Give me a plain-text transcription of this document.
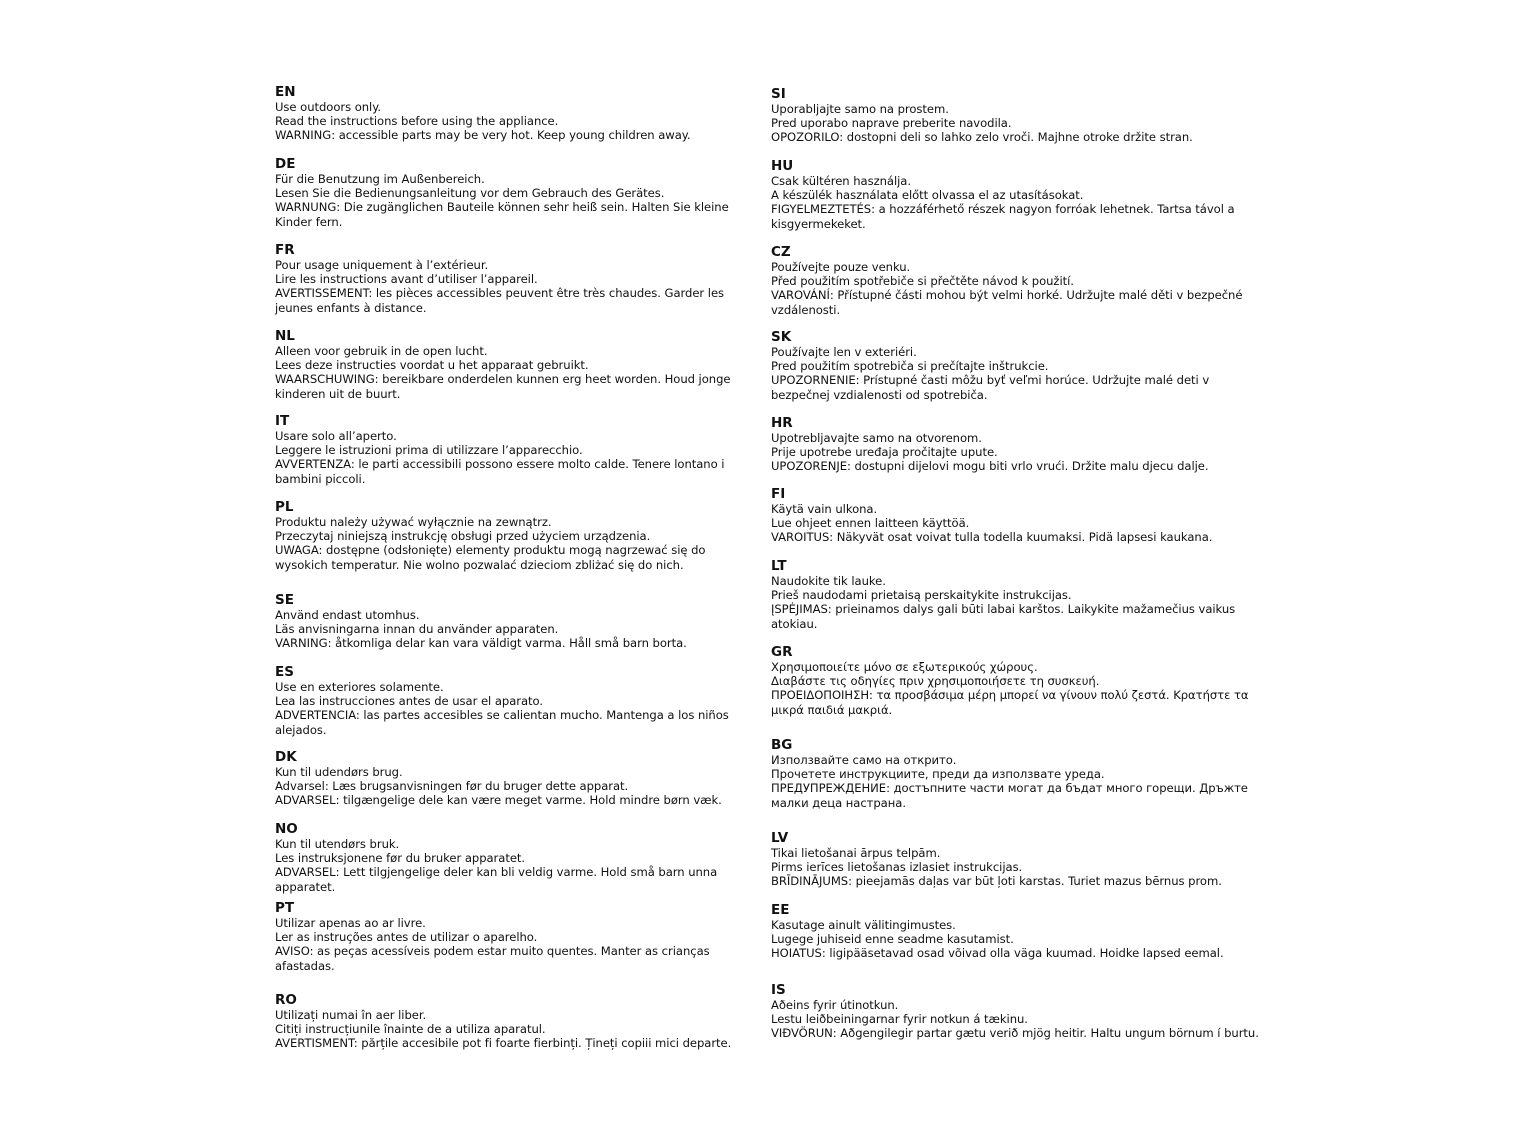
EN
Use outdoors only.
Read the instructions before using the appliance.
WARNING: accessible parts may be very hot. Keep young children away.
DE
Für die Benutzung im Außenbereich.
Lesen Sie die Bedienungsanleitung vor dem Gebrauch des Gerätes.
WARNUNG: Die zugänglichen Bauteile können sehr heiß sein. Halten Sie kleine Kinder fern.
FR
Pour usage uniquement à l’extérieur.
Lire les instructions avant d’utiliser l’appareil.
AVERTISSEMENT: les pièces accessibles peuvent être très chaudes. Garder les jeunes enfants à distance.
NL
Alleen voor gebruik in de open lucht.
Lees deze instructies voordat u het apparaat gebruikt.
WAARSCHUWING: bereikbare onderdelen kunnen erg heet worden. Houd jonge kinderen uit de buurt.
IT
Usare solo all’aperto.
Leggere le istruzioni prima di utilizzare l’apparecchio.
AVVERTENZA: le parti accessibili possono essere molto calde. Tenere lontano i bambini piccoli.
PL
Produktu należy używać wyłącznie na zewnątrz.
Przeczytaj niniejszą instrukcję obsługi przed użyciem urządzenia.
UWAGA: dostępne (odsłonięte) elementy produktu mogą nagrzewać się do wysokich temperatur. Nie wolno pozwalać dzieciom zbliżać się do nich.
SE
Använd endast utomhus.
Läs anvisningarna innan du använder apparaten.
VARNING: åtkomliga delar kan vara väldigt varma. Håll små barn borta.
ES
Use en exteriores solamente.
Lea las instrucciones antes de usar el aparato.
ADVERTENCIA: las partes accesibles se calientan mucho. Mantenga a los niños alejados.
DK
Kun til udendørs brug.
Advarsel: Læs brugsanvisningen før du bruger dette apparat.
ADVARSEL: tilgængelige dele kan være meget varme. Hold mindre børn væk.
NO
Kun til utendørs bruk.
Les instruksjonene før du bruker apparatet.
ADVARSEL: Lett tilgjengelige deler kan bli veldig varme. Hold små barn unna apparatet.
PT
Utilizar apenas ao ar livre.
Ler as instruções antes de utilizar o aparelho.
AVISO: as peças acessíveis podem estar muito quentes. Manter as crianças afastadas.
RO
Utilizați numai în aer liber.
Citiți instrucțiunile înainte de a utiliza aparatul.
AVERTISMENT: părțile accesibile pot fi foarte fierbinți. Țineți copiii mici departe.
SI
Uporabljajte samo na prostem.
Pred uporabo naprave preberite navodila.
OPOZORILO: dostopni deli so lahko zelo vroči. Majhne otroke držite stran.
HU
Csak kültéren használja.
A készülék használata előtt olvassa el az utasításokat.
FIGYELMEZTETÉS: a hozzáférhető részek nagyon forróak lehetnek. Tartsa távol a kisgyermekeket.
CZ
Používejte pouze venku.
Před použitím spotřebiče si přečtěte návod k použití.
VAROVÁNÍ: Přístupné části mohou být velmi horké. Udržujte malé děti v bezpečné vzdálenosti.
SK
Používajte len v exteriéri.
Pred použitím spotrebiča si prečítajte inštrukcie.
UPOZORNENIE: Prístupné časti môžu byť veľmi horúce. Udržujte malé deti v bezpečnej vzdialenosti od spotrebiča.
HR
Upotrebljavajte samo na otvorenom.
Prije upotrebe uređaja pročitajte upute.
UPOZORENJE: dostupni dijelovi mogu biti vrlo vrući. Držite malu djecu dalje.
FI
Käytä vain ulkona.
Lue ohjeet ennen laitteen käyttöä.
VAROITUS: Näkyvät osat voivat tulla todella kuumaksi. Pidä lapsesi kaukana.
LT
Naudokite tik lauke.
Prieš naudodami prietaisą perskaitykite instrukcijas.
ĮSPĖJIMAS: prieinamos dalys gali būti labai karštos. Laikykite mažamečius vaikus atokiau.
GR
Χρησιμοποιείτε μόνο σε εξωτερικούς χώρους.
Διαβάστε τις οδηγίες πριν χρησιμοποιήσετε τη συσκευή.
ΠΡΟΕΙΔΟΠΟΙΗΣΗ: τα προσβάσιμα μέρη μπορεί να γίνουν πολύ ζεστά. Κρατήστε τα μικρά παιδιά μακριά.
BG
Използвайте само на открито.
Прочетете инструкциите, преди да използвате уреда.
ПРЕДУПРЕЖДЕНИЕ: достъпните части могат да бъдат много горещи. Дръжте малки деца настрана.
LV
Tikai lietošanai ārpus telpām.
Pirms ierīces lietošanas izlasiet instrukcijas.
BRĪDINĀJUMS: pieejamās daļas var būt ļoti karstas. Turiet mazus bērnus prom.
EE
Kasutage ainult välitingimustes.
Lugege juhiseid enne seadme kasutamist.
HOIATUS: ligipääsetavad osad võivad olla väga kuumad. Hoidke lapsed eemal.
IS
Aðeins fyrir útinotkun.
Lestu leiðbeiningarnar fyrir notkun á tækinu.
VIÐVÖRUN: Aðgengilegir partar gætu verið mjög heitir. Haltu ungum börnum í burtu.
